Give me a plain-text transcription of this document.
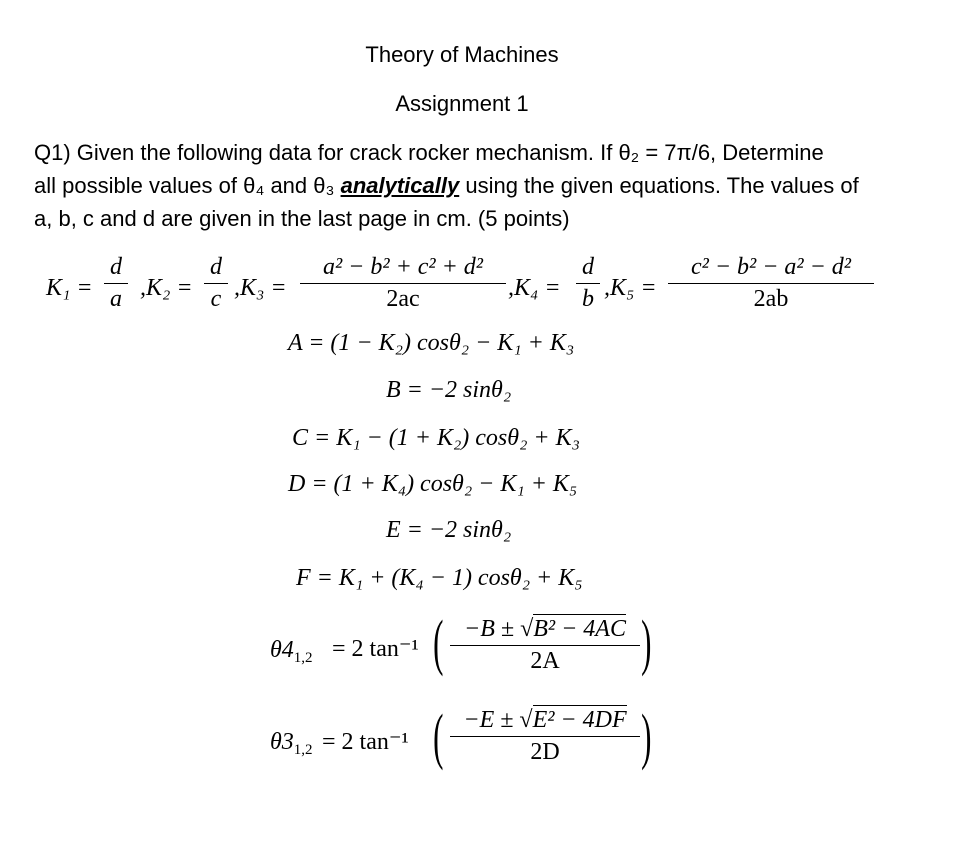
Theory of Machines
Assignment 1
Q1) Given the following data for crack rocker mechanism. If θ₂ = 7π/6, Determine
all possible values of θ₄ and θ₃ analytically using the given equations. The values of
a, b, c and d are given in the last page in cm. (5 points)
K₁ =
d
a ,K₂ =
d
c ,K₃ =
a² − b² + c² + d²
2ac	,K₄ =
d
b ,K₅ =
c² − b² − a² − d²
2ab
A = (1 − K₂) cosθ₂ − K₁ + K₃
B = −2 sinθ₂
C = K₁ − (1 + K₂) cosθ₂ + K₃
D = (1 + K₄) cosθ₂ − K₁ + K₅
E = −2 sinθ₂
F = K₁ + (K₄ − 1) cosθ₂ + K₅
$\theta 4_{1,2} = 2$ tan⁻¹ ( −B ± √B² − 4AC
2A	)
$\theta 3_{1,2} = 2$ tan⁻¹ ( −E ± √E² − 4DF
2D	)
